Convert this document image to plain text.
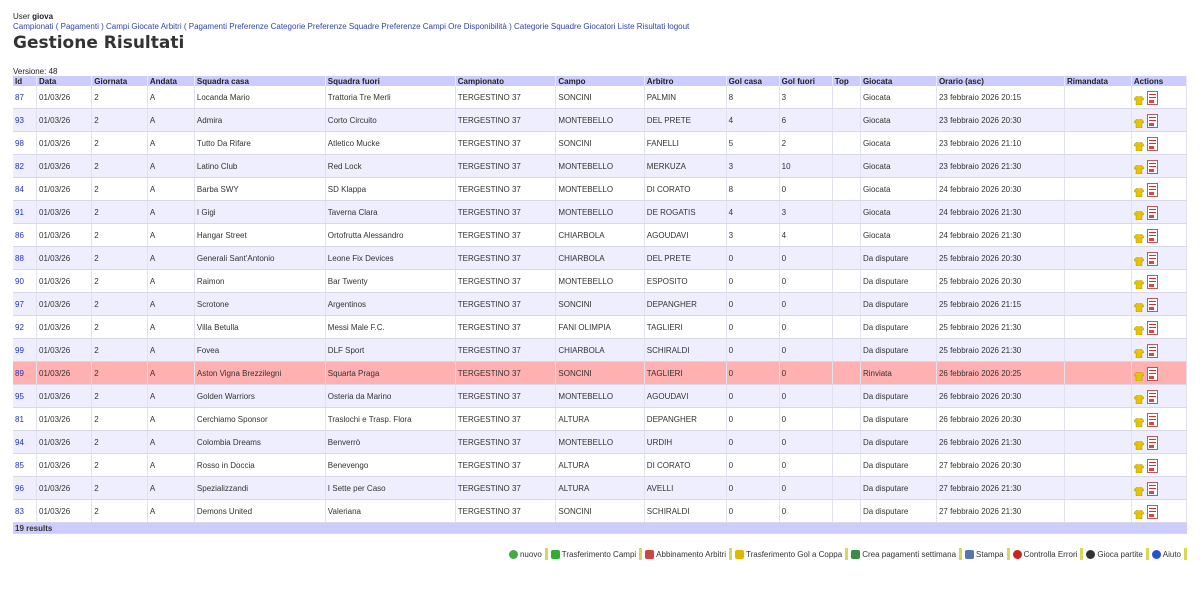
User giova
Campionati ( Pagamenti ) Campi Giocate Arbitri ( Pagamenti Preferenze Categorie Preferenze Squadre Preferenze Campi Ore Disponibilità ) Categorie Squadre Giocatori Liste Risultati logout
Gestione Risultati
Versione: 48
Id	Data	Giornata	Andata	Squadra casa	Squadra fuori	Campionato	Campo	Arbitro	Gol casa	Gol fuori	Top	Giocata	Orario (asc)	Rimandata	Actions
87	01/03/26	2	A	Locanda Mario	Trattoria Tre Merli	TERGESTINO 37	SONCINI	PALMIN	8	3		Giocata	23 febbraio 2026 20:15		

93	01/03/26	2	A	Admira	Corto Circuito	TERGESTINO 37	MONTEBELLO	DEL PRETE	4	6		Giocata	23 febbraio 2026 20:30		

98	01/03/26	2	A	Tutto Da Rifare	Atletico Mucke	TERGESTINO 37	SONCINI	FANELLI	5	2		Giocata	23 febbraio 2026 21:10		

82	01/03/26	2	A	Latino Club	Red Lock	TERGESTINO 37	MONTEBELLO	MERKUZA	3	10		Giocata	23 febbraio 2026 21:30		

84	01/03/26	2	A	Barba SWY	SD Klappa	TERGESTINO 37	MONTEBELLO	DI CORATO	8	0		Giocata	24 febbraio 2026 20:30		

91	01/03/26	2	A	I Gigi	Taverna Clara	TERGESTINO 37	MONTEBELLO	DE ROGATIS	4	3		Giocata	24 febbraio 2026 21:30		

86	01/03/26	2	A	Hangar Street	Ortofrutta Alessandro	TERGESTINO 37	CHIARBOLA	AGOUDAVI	3	4		Giocata	24 febbraio 2026 21:30		

88	01/03/26	2	A	Generali Sant'Antonio	Leone Fix Devices	TERGESTINO 37	CHIARBOLA	DEL PRETE	0	0		Da disputare	25 febbraio 2026 20:30		

90	01/03/26	2	A	Raimon	Bar Twenty	TERGESTINO 37	MONTEBELLO	ESPOSITO	0	0		Da disputare	25 febbraio 2026 20:30		

97	01/03/26	2	A	Scrotone	Argentinos	TERGESTINO 37	SONCINI	DEPANGHER	0	0		Da disputare	25 febbraio 2026 21:15		

92	01/03/26	2	A	Villa Betulla	Messi Male F.C.	TERGESTINO 37	FANI OLIMPIA	TAGLIERI	0	0		Da disputare	25 febbraio 2026 21:30		

99	01/03/26	2	A	Fovea	DLF Sport	TERGESTINO 37	CHIARBOLA	SCHIRALDI	0	0		Da disputare	25 febbraio 2026 21:30		

89	01/03/26	2	A	Aston Vigna Brezzilegni	Squarta Praga	TERGESTINO 37	SONCINI	TAGLIERI	0	0		Rinviata	26 febbraio 2026 20:25		

95	01/03/26	2	A	Golden Warriors	Osteria da Marino	TERGESTINO 37	MONTEBELLO	AGOUDAVI	0	0		Da disputare	26 febbraio 2026 20:30		

81	01/03/26	2	A	Cerchiamo Sponsor	Traslochi e Trasp. Flora	TERGESTINO 37	ALTURA	DEPANGHER	0	0		Da disputare	26 febbraio 2026 20:30		

94	01/03/26	2	A	Colombia Dreams	Benverrò	TERGESTINO 37	MONTEBELLO	URDIH	0	0		Da disputare	26 febbraio 2026 21:30		

85	01/03/26	2	A	Rosso in Doccia	Benevengo	TERGESTINO 37	ALTURA	DI CORATO	0	0		Da disputare	27 febbraio 2026 20:30		

96	01/03/26	2	A	Spezializzandi	I Sette per Caso	TERGESTINO 37	ALTURA	AVELLI	0	0		Da disputare	27 febbraio 2026 21:30		

83	01/03/26	2	A	Demons United	Valeriana	TERGESTINO 37	SONCINI	SCHIRALDI	0	0		Da disputare	27 febbraio 2026 21:30		

19 results															
nuovo	Trasferimento Campi	Abbinamento Arbitri	Trasferimento Gol a Coppa	Crea pagamenti settimana	Stampa	Controlla Errori	Gioca partite	Aiuto
